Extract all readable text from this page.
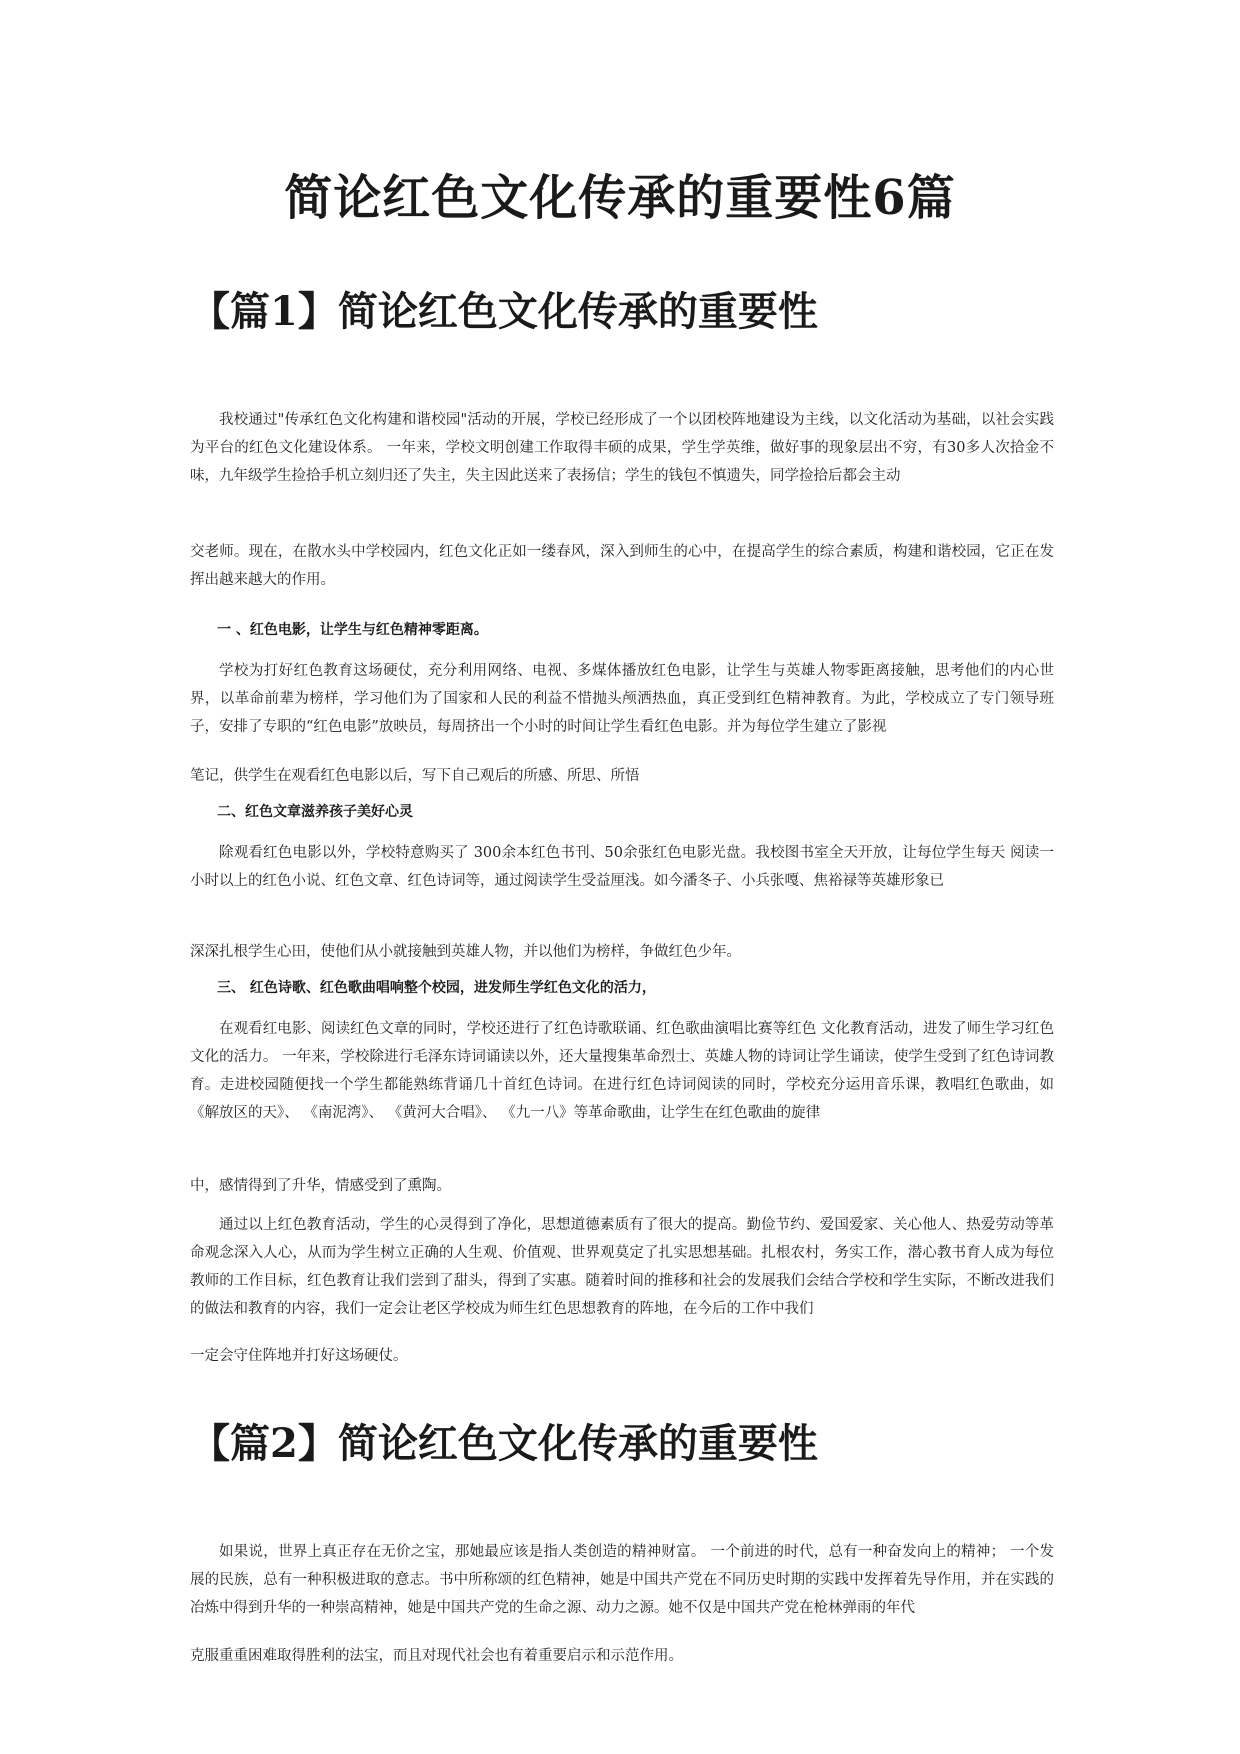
简论红色文化传承的重要性6篇
【篇1】简论红色文化传承的重要性
我校通过"传承红色文化构建和谐校园"活动的开展，学校已经形成了一个以团校阵地建设为主线，以文化活动为基础，以社会实践为平台的红色文化建设体系。 一年来，学校文明创建工作取得丰硕的成果，学生学英维，做好事的现象层出不穷，有30多人次拾金不味，九年级学生捡拾手机立刻归还了失主，失主因此送来了表扬信；学生的钱包不慎遗失，同学捡拾后都会主动
交老师。现在，在散水头中学校园内，红色文化正如一缕春风，深入到师生的心中，在提高学生的综合素质，构建和谐校园，它正在发挥出越来越大的作用。
一 、红色电影，让学生与红色精神零距离。
学校为打好红色教育这场硬仗，充分利用网络、电视、多煤体播放红色电影，让学生与英雄人物零距离接触，思考他们的内心世界，以革命前辈为榜样，学习他们为了国家和人民的利益不惜抛头颅洒热血，真正受到红色精神教育。为此，学校成立了专门领导班子，安排了专职的“红色电影”放映员，每周挤出一个小时的时间让学生看红色电影。并为每位学生建立了影视
笔记，供学生在观看红色电影以后，写下自己观后的所感、所思、所悟
二、红色文章滋养孩子美好心灵
除观看红色电影以外，学校特意购买了 300余本红色书刊、50余张红色电影光盘。我校图书室全天开放，让每位学生每天 阅读一小时以上的红色小说、红色文章、红色诗词等，通过阅读学生受益厘浅。如今潘冬子、小兵张嘎、焦裕禄等英雄形象已
深深扎根学生心田，使他们从小就接触到英雄人物，并以他们为榜样，争做红色少年。
三、 红色诗歌、红色歌曲唱响整个校园，进发师生学红色文化的活力，
在观看红电影、阅读红色文章的同时，学校还进行了红色诗歌联诵、红色歌曲演唱比赛等红色 文化教育活动，进发了师生学习红色文化的活力。 一年来，学校除进行毛泽东诗词诵读以外，还大量搜集革命烈士、英雄人物的诗词让学生诵读，使学生受到了红色诗词教育。走进校园随便找一个学生都能熟练背诵几十首红色诗词。在进行红色诗词阅读的同时，学校充分运用音乐课，教唱红色歌曲，如《解放区的天》、 《南泥湾》、 《黄河大合唱》、 《九一八》等革命歌曲，让学生在红色歌曲的旋律
中，感情得到了升华，情感受到了熏陶。
通过以上红色教育活动，学生的心灵得到了净化，思想道德素质有了很大的提高。勤俭节约、爱国爱家、关心他人、热爱劳动等革命观念深入人心，从而为学生树立正确的人生观、价值观、世界观莫定了扎实思想基础。扎根农村，务实工作，潜心教书育人成为每位教师的工作目标，红色教育让我们尝到了甜头，得到了实惠。随着时间的推移和社会的发展我们会结合学校和学生实际，不断改进我们的做法和教育的内容，我们一定会让老区学校成为师生红色思想教育的阵地，在今后的工作中我们
一定会守住阵地并打好这场硬仗。
【篇2】简论红色文化传承的重要性
如果说，世界上真正存在无价之宝，那她最应该是指人类创造的精神财富。 一个前进的时代，总有一种奋发向上的精神； 一个发展的民族，总有一种积极进取的意志。书中所称颂的红色精神，她是中国共产党在不同历史时期的实践中发挥着先导作用，并在实践的冶炼中得到升华的一种崇高精神，她是中国共产党的生命之源、动力之源。她不仅是中国共产党在枪林弹雨的年代
克服重重困难取得胜利的法宝，而且对现代社会也有着重要启示和示范作用。
